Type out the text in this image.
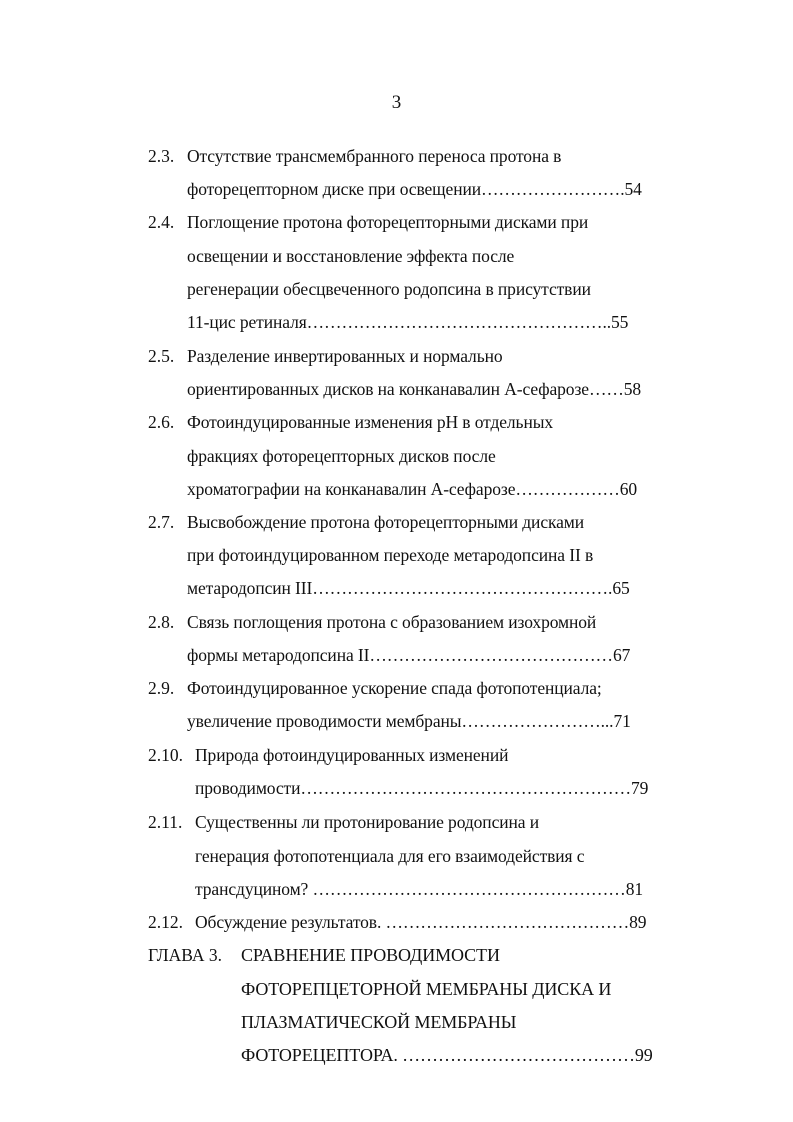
3
2.3. Отсутствие трансмембранного переноса протона в
фоторецепторном диске при освещении…………………….54
2.4. Поглощение протона фоторецепторными дисками при
освещении и восстановление эффекта после
регенерации обесцвеченного родопсина в присутствии
11-цис ретиналя……………………………………………..55
2.5. Разделение инвертированных и нормально
ориентированных дисков на конканавалин А-сефарозе……58
2.6. Фотоиндуцированные изменения pH в отдельных
фракциях фоторецепторных дисков после
хроматографии на конканавалин А-сефарозе………………60
2.7. Высвобождение протона фоторецепторными дисками
при фотоиндуцированном переходе метародопсина II в
метародопсин III…………………………………………….65
2.8. Связь поглощения протона с образованием изохромной
формы метародопсина II……………………………………67
2.9. Фотоиндуцированное ускорение спада фотопотенциала;
увеличение проводимости мембраны……………………...71
2.10. Природа фотоиндуцированных изменений
проводимости…………………………………………………79
2.11. Существенны ли протонирование родопсина и
генерация фотопотенциала для его взаимодействия с
трансдуцином? ………………………………………………81
2.12. Обсуждение результатов. ……………………………………89
ГЛАВА 3. СРАВНЕНИЕ ПРОВОДИМОСТИ
ФОТОРЕПЦЕТОРНОЙ МЕМБРАНЫ ДИСКА И
ПЛАЗМАТИЧЕСКОЙ МЕМБРАНЫ
ФОТОРЕЦЕПТОРА. …………………………………99
